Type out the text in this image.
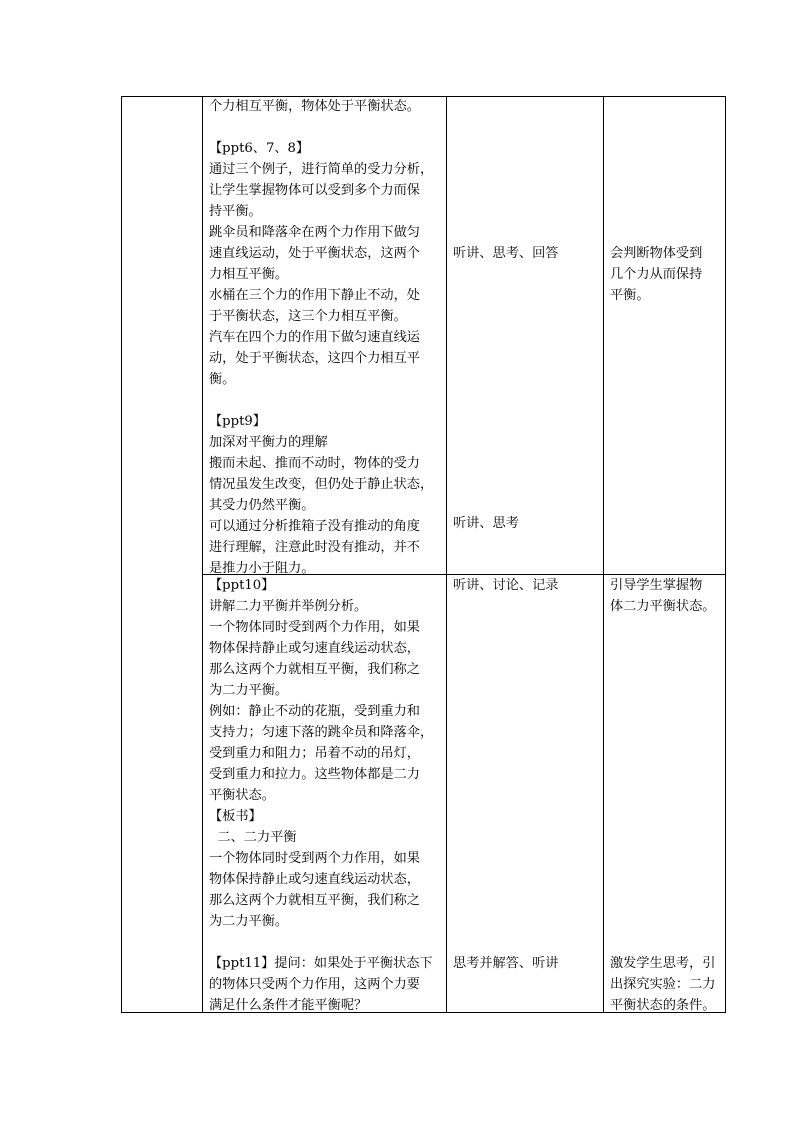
个力相互平衡，物体处于平衡状态。
【ppt6、7、8】
通过三个例子，进行简单的受力分析，
让学生掌握物体可以受到多个力而保
持平衡。
跳伞员和降落伞在两个力作用下做匀
速直线运动，处于平衡状态，这两个
力相互平衡。
水桶在三个力的作用下静止不动，处
于平衡状态，这三个力相互平衡。
汽车在四个力的作用下做匀速直线运
动，处于平衡状态，这四个力相互平
衡。
【ppt9】
加深对平衡力的理解
搬而未起、推而不动时，物体的受力
情况虽发生改变，但仍处于静止状态，
其受力仍然平衡。
可以通过分析推箱子没有推动的角度
进行理解，注意此时没有推动，并不
是推力小于阻力。
听讲、思考、回答
听讲、思考
会判断物体受到
几个力从而保持
平衡。
【ppt10】
讲解二力平衡并举例分析。
一个物体同时受到两个力作用，如果
物体保持静止或匀速直线运动状态，
那么这两个力就相互平衡，我们称之
为二力平衡。
例如：静止不动的花瓶，受到重力和
支持力；匀速下落的跳伞员和降落伞，
受到重力和阻力；吊着不动的吊灯，
受到重力和拉力。这些物体都是二力
平衡状态。
【板书】
二、二力平衡
一个物体同时受到两个力作用，如果
物体保持静止或匀速直线运动状态，
那么这两个力就相互平衡，我们称之
为二力平衡。
【ppt11】提问：如果处于平衡状态下
的物体只受两个力作用，这两个力要
满足什么条件才能平衡呢？
听讲、讨论、记录
思考并解答、听讲
引导学生掌握物
体二力平衡状态。
激发学生思考，引
出探究实验：二力
平衡状态的条件。
